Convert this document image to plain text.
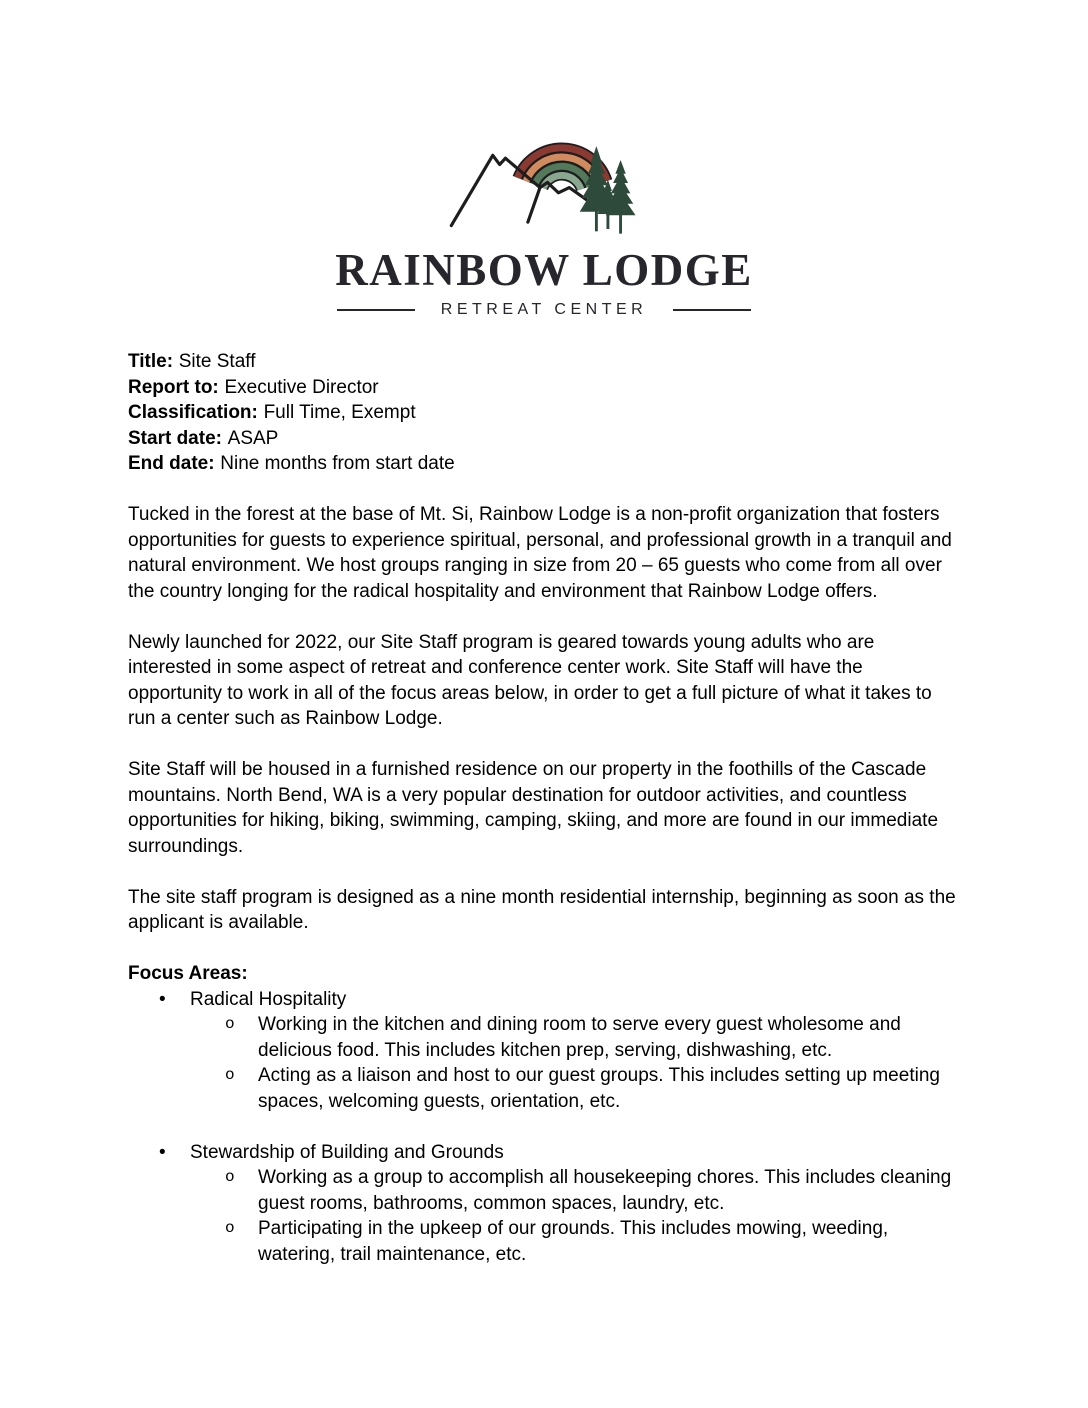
RAINBOW LODGE
RETREAT CENTER
Title: Site Staff
Report to: Executive Director
Classification: Full Time, Exempt
Start date: ASAP
End date: Nine months from start date

Tucked in the forest at the base of Mt. Si, Rainbow Lodge is a non-profit organization that fosters opportunities for guests to experience spiritual, personal, and professional growth in a tranquil and natural environment. We host groups ranging in size from 20 – 65 guests who come from all over the country longing for the radical hospitality and environment that Rainbow Lodge offers.

Newly launched for 2022, our Site Staff program is geared towards young adults who are interested in some aspect of retreat and conference center work. Site Staff will have the opportunity to work in all of the focus areas below, in order to get a full picture of what it takes to run a center such as Rainbow Lodge.

Site Staff will be housed in a furnished residence on our property in the foothills of the Cascade mountains. North Bend, WA is a very popular destination for outdoor activities, and countless opportunities for hiking, biking, swimming, camping, skiing, and more are found in our immediate surroundings.

The site staff program is designed as a nine month residential internship, beginning as soon as the applicant is available.

Focus Areas:
•	Radical Hospitality
o	Working in the kitchen and dining room to serve every guest wholesome and delicious food. This includes kitchen prep, serving, dishwashing, etc.
o	Acting as a liaison and host to our guest groups. This includes setting up meeting spaces, welcoming guests, orientation, etc.
•	Stewardship of Building and Grounds
o	Working as a group to accomplish all housekeeping chores. This includes cleaning guest rooms, bathrooms, common spaces, laundry, etc.
o	Participating in the upkeep of our grounds. This includes mowing, weeding, watering, trail maintenance, etc.
